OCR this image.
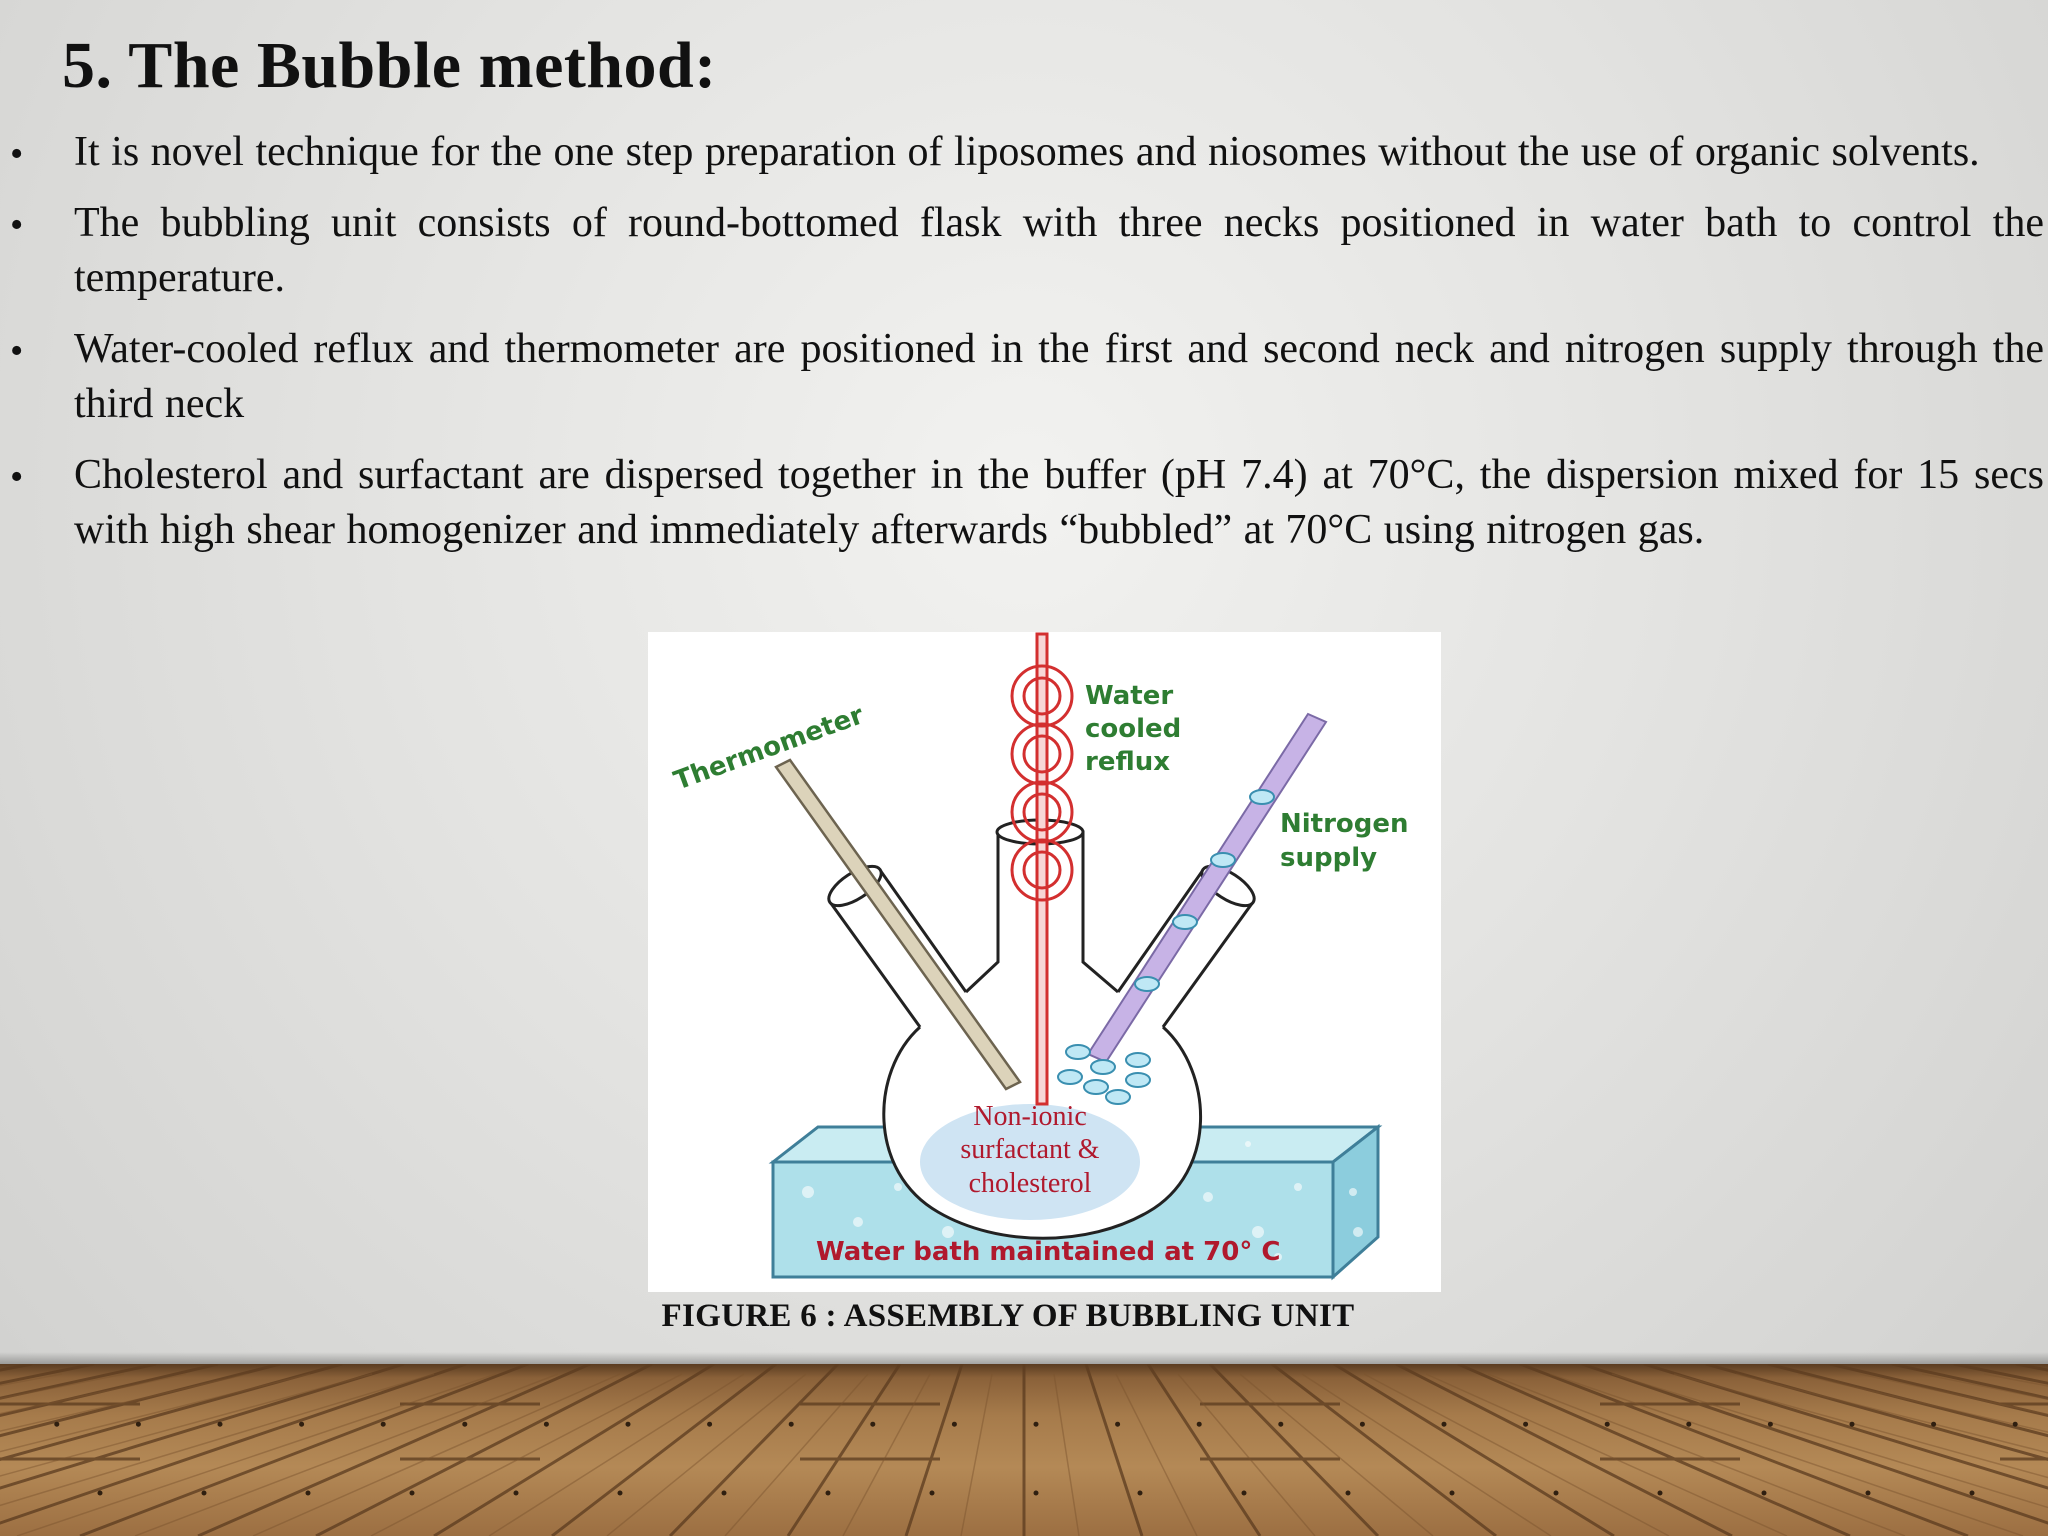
5. The Bubble method:
• It is novel technique for the one step preparation of liposomes and niosomes without the use of organic solvents.
• The bubbling unit consists of round-bottomed flask with three necks positioned in water bath to control the temperature.
• Water-cooled reflux and thermometer are positioned in the first and second neck and nitrogen supply through the third neck
• Cholesterol and surfactant are dispersed together in the buffer (pH 7.4) at 70°C, the dispersion mixed for 15 secs with high shear homogenizer and immediately afterwards “bubbled” at 70°C using nitrogen gas.
Thermometer
Water
cooled
reflux
Nitrogen
supply
Non-ionic
surfactant &
cholesterol
Water bath maintained at 70° C
FIGURE 6 : ASSEMBLY OF BUBBLING UNIT
